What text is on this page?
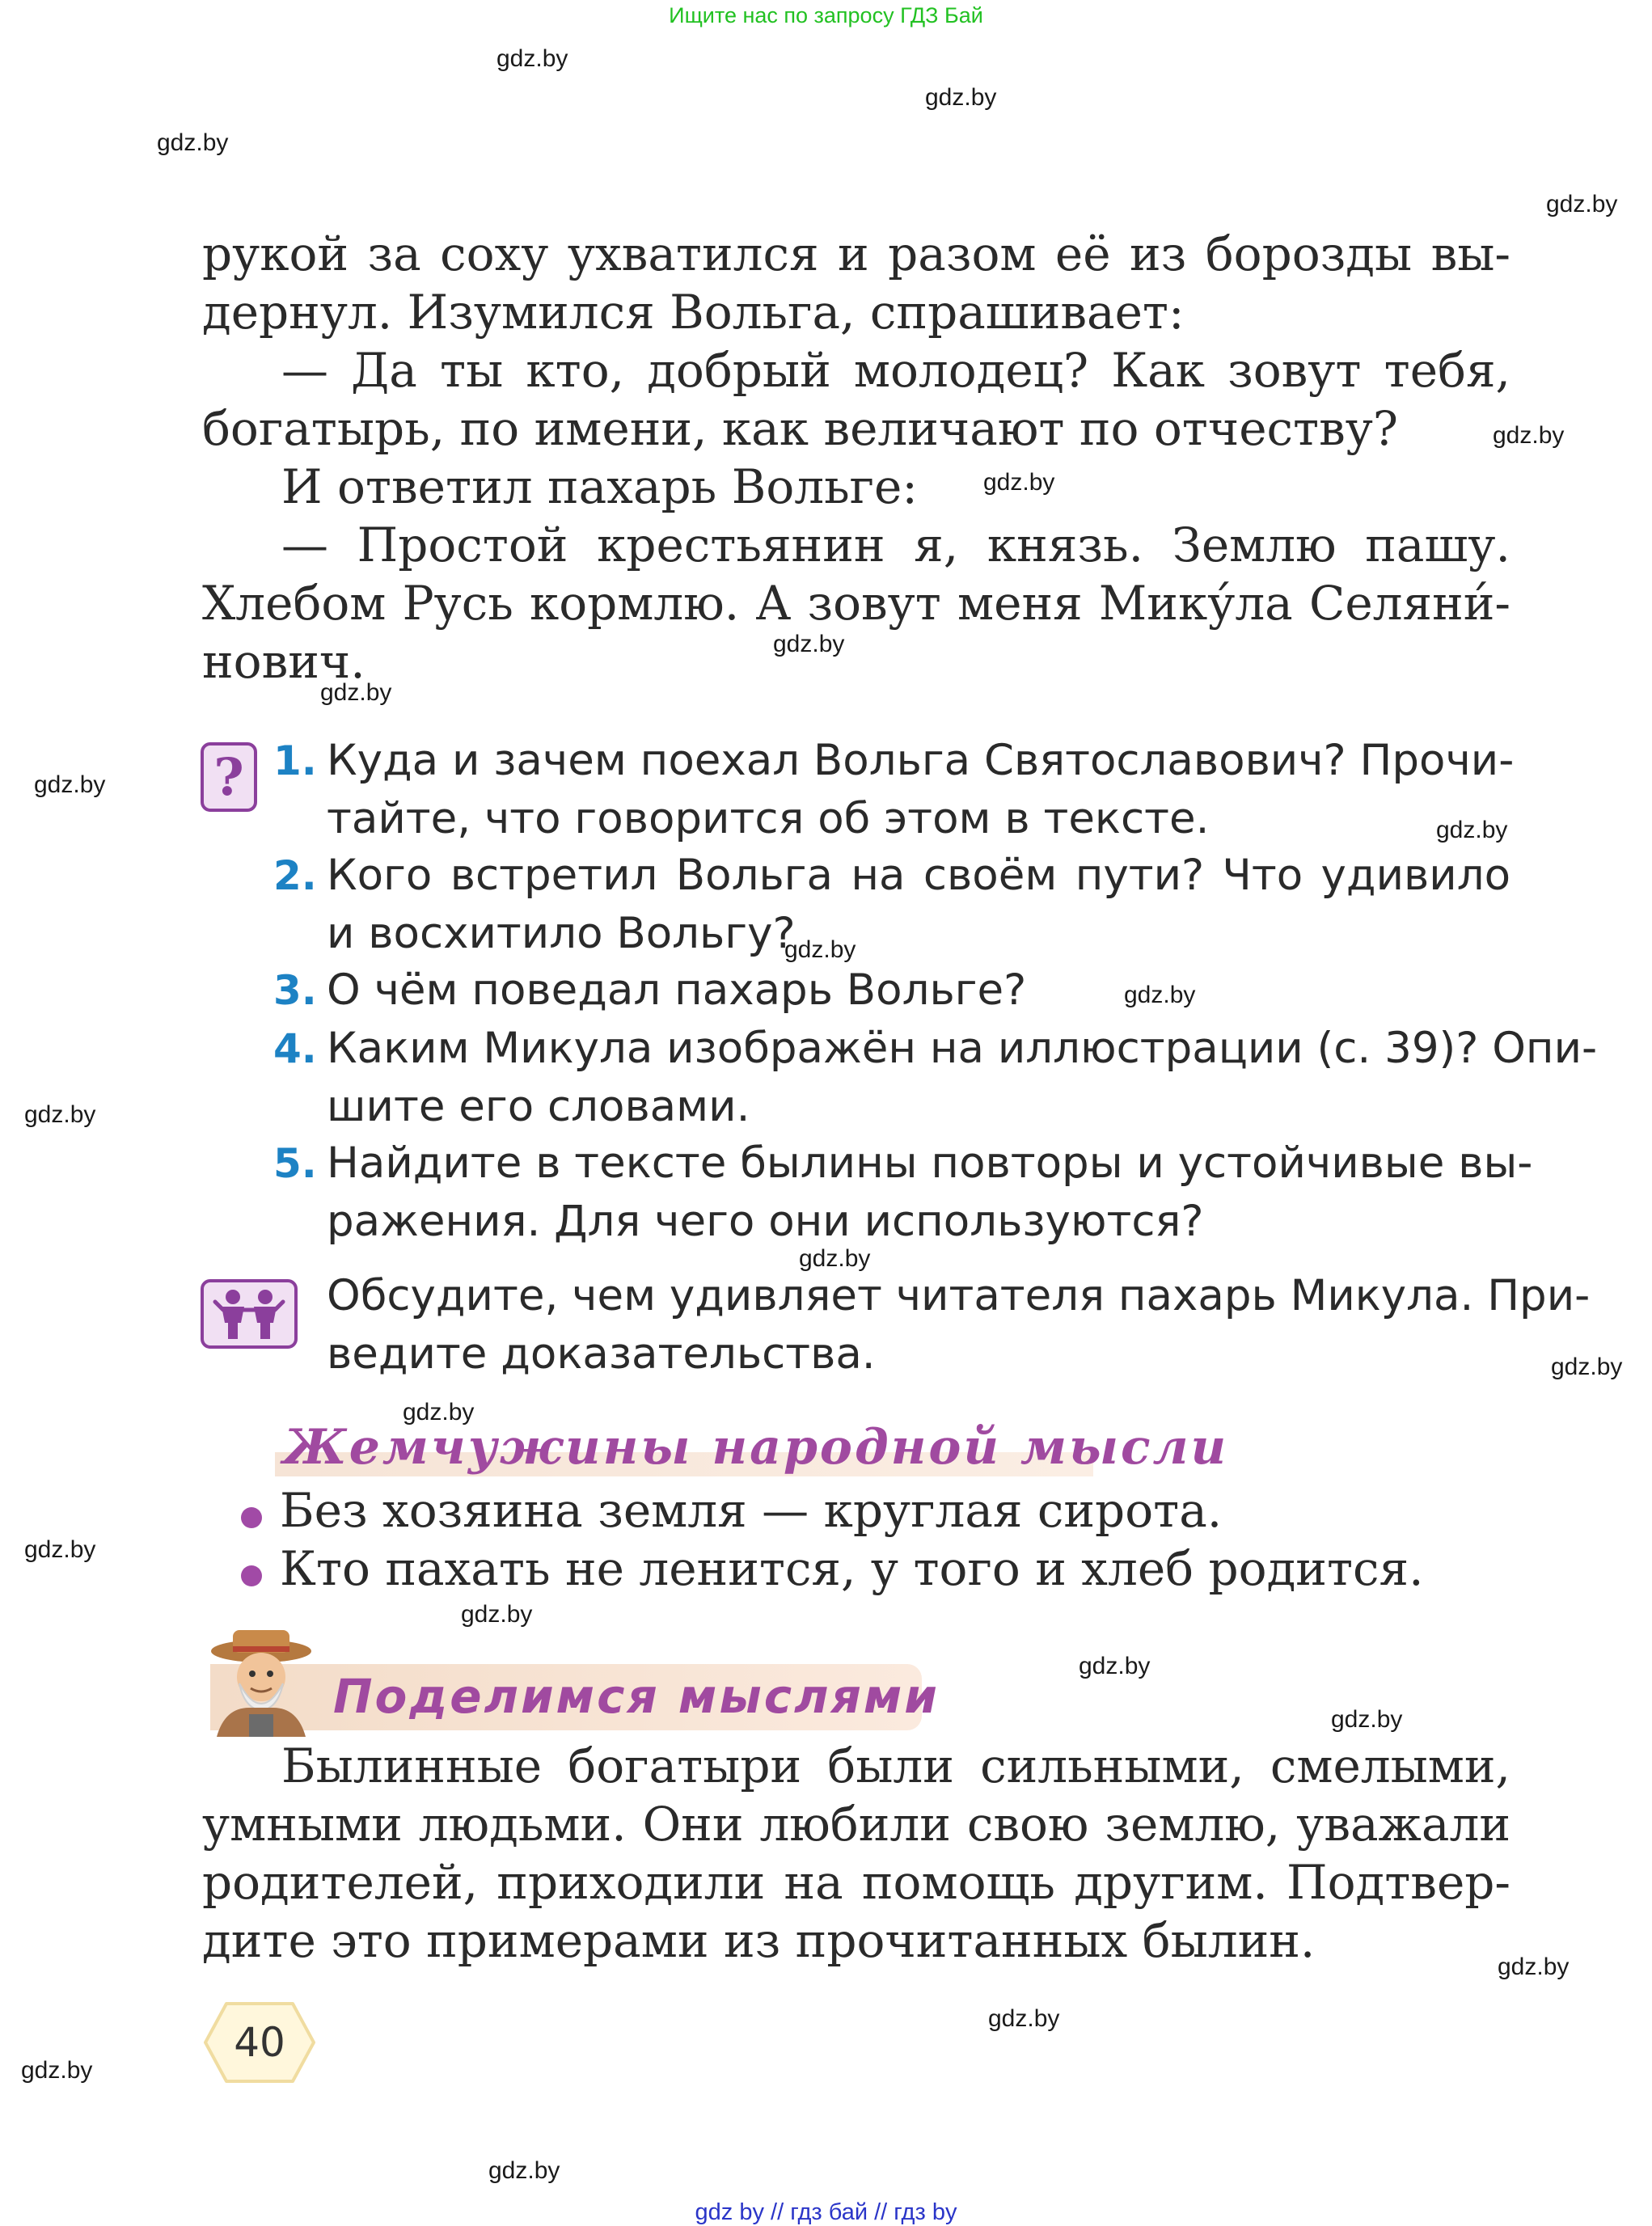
Ищите нас по запросу ГДЗ Бай
gdz.by
gdz.by
gdz.by
gdz.by
gdz.by
gdz.by
gdz.by
gdz.by
gdz.by
gdz.by
gdz.by
gdz.by
gdz.by
gdz.by
gdz.by
gdz.by
gdz.by
gdz.by
gdz.by
gdz.by
gdz.by
gdz.by
gdz.by
gdz.by
рукой за соху ухватился и разом её из борозды вы-
дернул. Изумился Вольга, спрашивает:
— Да ты кто, добрый молодец? Как зовут тебя,
богатырь, по имени, как величают по отчеству?
И ответил пахарь Вольге:
— Простой крестьянин я, князь. Землю пашу.
Хлебом Русь кормлю. А зовут меня Мику́ла Селяни́-
нович.
? 1. Куда и зачем поехал Вольга Святославович? Прочи-
тайте, что говорится об этом в тексте.
2. Кого встретил Вольга на своём пути? Что удивило
и восхитило Вольгу?
3. О чём поведал пахарь Вольге?
4. Каким Микула изображён на иллюстрации (с. 39)? Опи-
шите его словами.
5. Найдите в тексте былины повторы и устойчивые вы-
ражения. Для чего они используются?
Обсудите, чем удивляет читателя пахарь Микула. При-
ведите доказательства.
Жемчужины народной мысли
Без хозяина земля — круглая сирота.
Кто пахать не ленится, у того и хлеб родится.
Поделимся мыслями
Былинные богатыри были сильными, смелыми,
умными людьми. Они любили свою землю, уважали
родителей, приходили на помощь другим. Подтвер-
дите это примерами из прочитанных былин.
40
gdz by // гдз бай // гдз by
